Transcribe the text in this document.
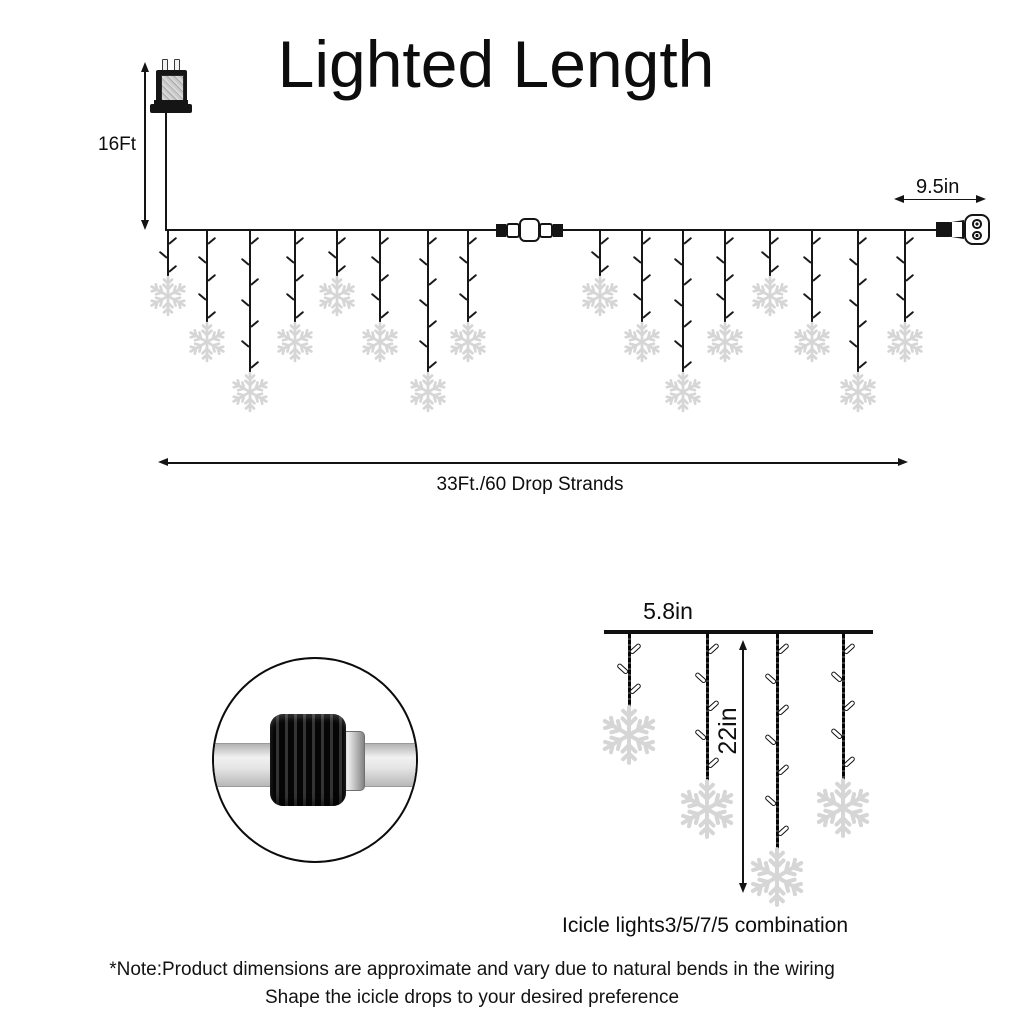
Lighted Length
16Ft
9.5in
33Ft./60 Drop Strands
5.8in
22in
Icicle lights3/5/7/5 combination
*Note:Product dimensions are approximate and vary due to natural bends in the wiring
Shape the icicle drops to your desired preference
